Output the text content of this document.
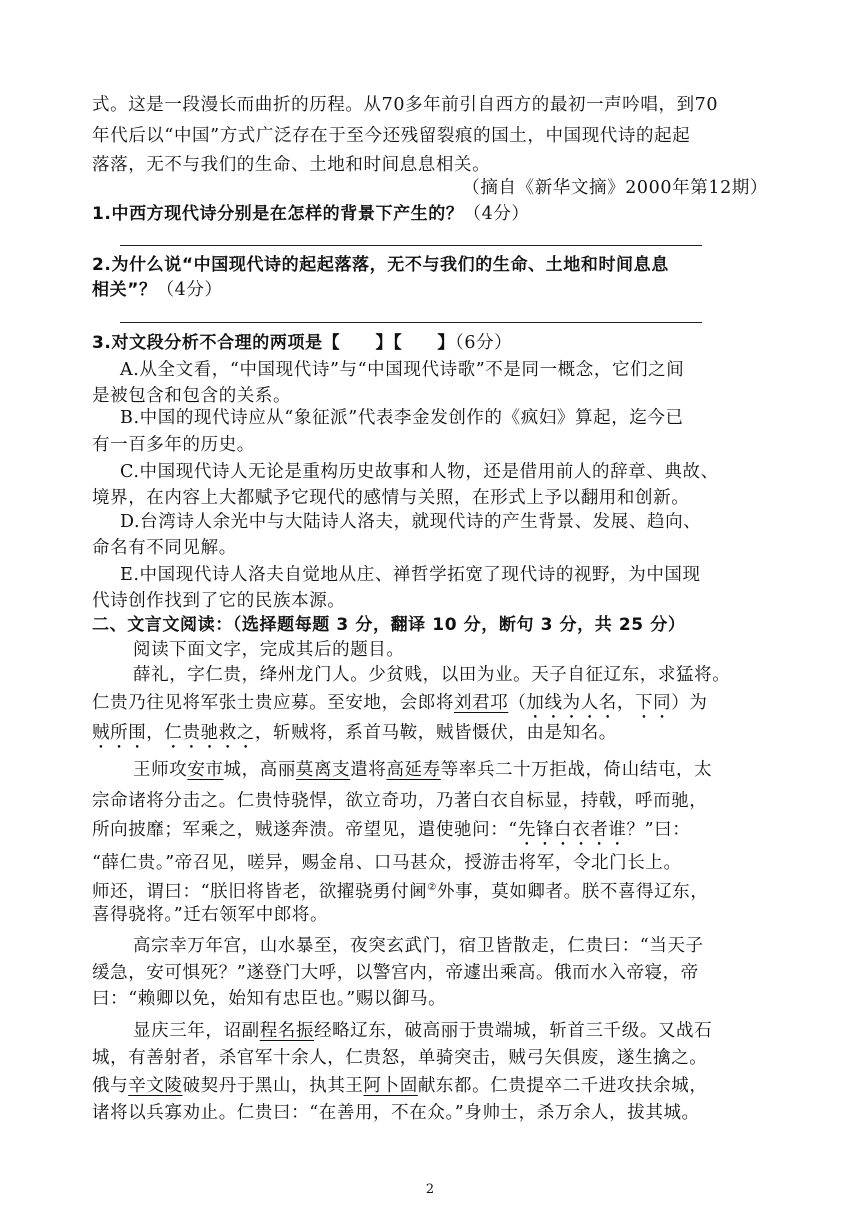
式。这是一段漫长而曲折的历程。从70多年前引自西方的最初一声吟唱，到70
年代后以“中国”方式广泛存在于至今还残留裂痕的国土，中国现代诗的起起
落落，无不与我们的生命、土地和时间息息相关。
（摘自《新华文摘》2000年第12期）
1.中西方现代诗分别是在怎样的背景下产生的？（4分）
2.为什么说“中国现代诗的起起落落，无不与我们的生命、土地和时间息息
相关”？（4分）
3.对文段分析不合理的两项是【　　】【　　】（6分）
A.从全文看，“中国现代诗”与“中国现代诗歌”不是同一概念，它们之间
是被包含和包含的关系。
B.中国的现代诗应从“象征派”代表李金发创作的《疯妇》算起，迄今已
有一百多年的历史。
C.中国现代诗人无论是重构历史故事和人物，还是借用前人的辞章、典故、
境界，在内容上大都赋予它现代的感情与关照，在形式上予以翻用和创新。
D.台湾诗人余光中与大陆诗人洛夫，就现代诗的产生背景、发展、趋向、
命名有不同见解。
E.中国现代诗人洛夫自觉地从庄、禅哲学拓宽了现代诗的视野，为中国现
代诗创作找到了它的民族本源。
二、文言文阅读：（选择题每题 3 分，翻译 10 分，断句 3 分，共 25 分）
阅读下面文字，完成其后的题目。
薛礼，字仁贵，绛州龙门人。少贫贱，以田为业。天子自征辽东，求猛将。
仁贵乃往见将军张士贵应募。至安地，会郎将刘君邛（加线为人名，下同）为
贼所围，仁贵驰救之，斩贼将，系首马鞍，贼皆慑伏，由是知名。
王师攻安市城，高丽莫离支遣将高延寿等率兵二十万拒战，倚山结屯，太
宗命诸将分击之。仁贵恃骁悍，欲立奇功，乃著白衣自标显，持戟，呼而驰，
所向披靡；军乘之，贼遂奔溃。帝望见，遣使驰问：“先锋白衣者谁？”曰：
“薛仁贵。”帝召见，嗟异，赐金帛、口马甚众，授游击将军，令北门长上。
师还，谓曰：“朕旧将皆老，欲擢骁勇付阃②外事，莫如卿者。朕不喜得辽东，
喜得骁将。”迁右领军中郎将。
高宗幸万年宫，山水暴至，夜突玄武门，宿卫皆散走，仁贵曰：“当天子
缓急，安可惧死？”遂登门大呼，以警宫内，帝遽出乘高。俄而水入帝寝，帝
曰：“赖卿以免，始知有忠臣也。”赐以御马。
显庆三年，诏副程名振经略辽东，破高丽于贵端城，斩首三千级。又战石
城，有善射者，杀官军十余人，仁贵怒，单骑突击，贼弓矢俱废，遂生擒之。
俄与辛文陵破契丹于黑山，执其王阿卜固献东都。仁贵提卒二千进攻扶余城，
诸将以兵寡劝止。仁贵曰：“在善用，不在众。”身帅士，杀万余人，拔其城。
2
